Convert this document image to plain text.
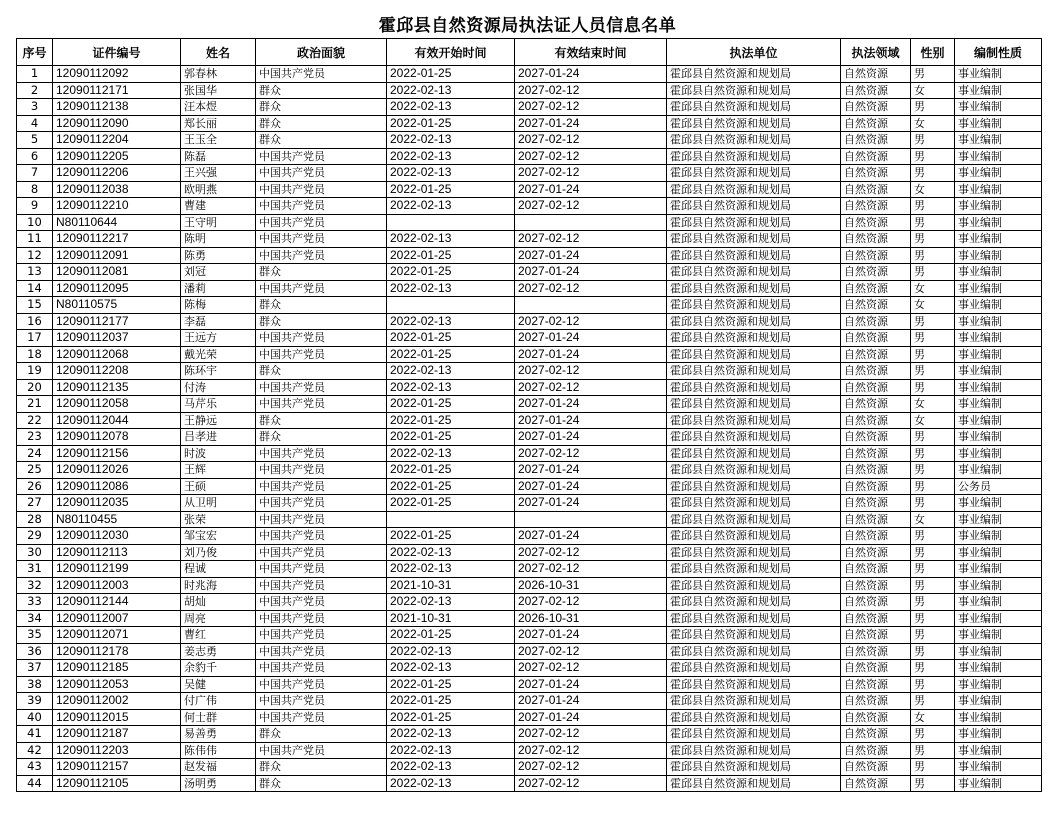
霍邱县自然资源局执法证人员信息名单
序号	证件编号	姓名	政治面貌	有效开始时间	有效结束时间	执法单位	执法领域	性别	编制性质
1	12090112092	郭春林	中国共产党员	2022-01-25	2027-01-24	霍邱县自然资源和规划局	自然资源	男	事业编制
2	12090112171	张国华	群众	2022-02-13	2027-02-12	霍邱县自然资源和规划局	自然资源	女	事业编制
3	12090112138	汪本煜	群众	2022-02-13	2027-02-12	霍邱县自然资源和规划局	自然资源	男	事业编制
4	12090112090	郑长丽	群众	2022-01-25	2027-01-24	霍邱县自然资源和规划局	自然资源	女	事业编制
5	12090112204	王玉全	群众	2022-02-13	2027-02-12	霍邱县自然资源和规划局	自然资源	男	事业编制
6	12090112205	陈磊	中国共产党员	2022-02-13	2027-02-12	霍邱县自然资源和规划局	自然资源	男	事业编制
7	12090112206	王兴强	中国共产党员	2022-02-13	2027-02-12	霍邱县自然资源和规划局	自然资源	男	事业编制
8	12090112038	欧明燕	中国共产党员	2022-01-25	2027-01-24	霍邱县自然资源和规划局	自然资源	女	事业编制
9	12090112210	曹建	中国共产党员	2022-02-13	2027-02-12	霍邱县自然资源和规划局	自然资源	男	事业编制
10	N80110644	王守明	中国共产党员			霍邱县自然资源和规划局	自然资源	男	事业编制
11	12090112217	陈明	中国共产党员	2022-02-13	2027-02-12	霍邱县自然资源和规划局	自然资源	男	事业编制
12	12090112091	陈勇	中国共产党员	2022-01-25	2027-01-24	霍邱县自然资源和规划局	自然资源	男	事业编制
13	12090112081	刘冠	群众	2022-01-25	2027-01-24	霍邱县自然资源和规划局	自然资源	男	事业编制
14	12090112095	潘莉	中国共产党员	2022-02-13	2027-02-12	霍邱县自然资源和规划局	自然资源	女	事业编制
15	N80110575	陈梅	群众			霍邱县自然资源和规划局	自然资源	女	事业编制
16	12090112177	李磊	群众	2022-02-13	2027-02-12	霍邱县自然资源和规划局	自然资源	男	事业编制
17	12090112037	王远方	中国共产党员	2022-01-25	2027-01-24	霍邱县自然资源和规划局	自然资源	男	事业编制
18	12090112068	戴光荣	中国共产党员	2022-01-25	2027-01-24	霍邱县自然资源和规划局	自然资源	男	事业编制
19	12090112208	陈环宇	群众	2022-02-13	2027-02-12	霍邱县自然资源和规划局	自然资源	男	事业编制
20	12090112135	付涛	中国共产党员	2022-02-13	2027-02-12	霍邱县自然资源和规划局	自然资源	男	事业编制
21	12090112058	马芹乐	中国共产党员	2022-01-25	2027-01-24	霍邱县自然资源和规划局	自然资源	女	事业编制
22	12090112044	王静远	群众	2022-01-25	2027-01-24	霍邱县自然资源和规划局	自然资源	女	事业编制
23	12090112078	吕孝进	群众	2022-01-25	2027-01-24	霍邱县自然资源和规划局	自然资源	男	事业编制
24	12090112156	时波	中国共产党员	2022-02-13	2027-02-12	霍邱县自然资源和规划局	自然资源	男	事业编制
25	12090112026	王辉	中国共产党员	2022-01-25	2027-01-24	霍邱县自然资源和规划局	自然资源	男	事业编制
26	12090112086	王硕	中国共产党员	2022-01-25	2027-01-24	霍邱县自然资源和规划局	自然资源	男	公务员
27	12090112035	从卫明	中国共产党员	2022-01-25	2027-01-24	霍邱县自然资源和规划局	自然资源	男	事业编制
28	N80110455	张荣	中国共产党员			霍邱县自然资源和规划局	自然资源	女	事业编制
29	12090112030	邹宝宏	中国共产党员	2022-01-25	2027-01-24	霍邱县自然资源和规划局	自然资源	男	事业编制
30	12090112113	刘乃俊	中国共产党员	2022-02-13	2027-02-12	霍邱县自然资源和规划局	自然资源	男	事业编制
31	12090112199	程诚	中国共产党员	2022-02-13	2027-02-12	霍邱县自然资源和规划局	自然资源	男	事业编制
32	12090112003	时兆海	中国共产党员	2021-10-31	2026-10-31	霍邱县自然资源和规划局	自然资源	男	事业编制
33	12090112144	胡灿	中国共产党员	2022-02-13	2027-02-12	霍邱县自然资源和规划局	自然资源	男	事业编制
34	12090112007	周亮	中国共产党员	2021-10-31	2026-10-31	霍邱县自然资源和规划局	自然资源	男	事业编制
35	12090112071	曹红	中国共产党员	2022-01-25	2027-01-24	霍邱县自然资源和规划局	自然资源	男	事业编制
36	12090112178	姜志勇	中国共产党员	2022-02-13	2027-02-12	霍邱县自然资源和规划局	自然资源	男	事业编制
37	12090112185	余豹千	中国共产党员	2022-02-13	2027-02-12	霍邱县自然资源和规划局	自然资源	男	事业编制
38	12090112053	吴健	中国共产党员	2022-01-25	2027-01-24	霍邱县自然资源和规划局	自然资源	男	事业编制
39	12090112002	付广伟	中国共产党员	2022-01-25	2027-01-24	霍邱县自然资源和规划局	自然资源	男	事业编制
40	12090112015	何士群	中国共产党员	2022-01-25	2027-01-24	霍邱县自然资源和规划局	自然资源	女	事业编制
41	12090112187	易善勇	群众	2022-02-13	2027-02-12	霍邱县自然资源和规划局	自然资源	男	事业编制
42	12090112203	陈伟伟	中国共产党员	2022-02-13	2027-02-12	霍邱县自然资源和规划局	自然资源	男	事业编制
43	12090112157	赵发福	群众	2022-02-13	2027-02-12	霍邱县自然资源和规划局	自然资源	男	事业编制
44	12090112105	汤明勇	群众	2022-02-13	2027-02-12	霍邱县自然资源和规划局	自然资源	男	事业编制
